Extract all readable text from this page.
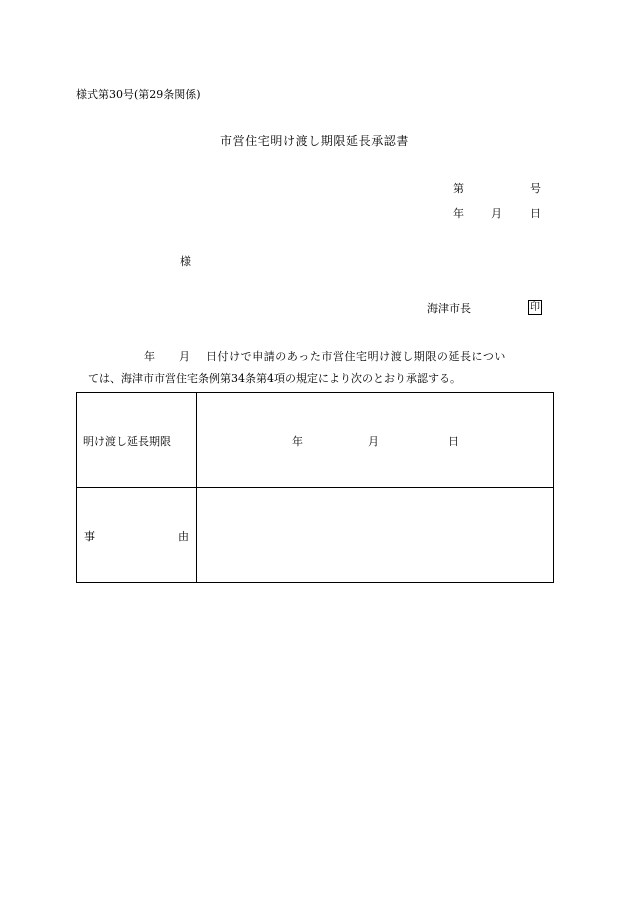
様式第30号(第29条関係)
市営住宅明け渡し期限延長承認書
第	号
年 月	日
様
海津市長	印
年 月 日付けで申請のあった市営住宅明け渡し期限の延長につい
ては、海津市市営住宅条例第34条第4項の規定により次のとおり承認する。
明け渡し延長期限	年 月 日

事 由	
